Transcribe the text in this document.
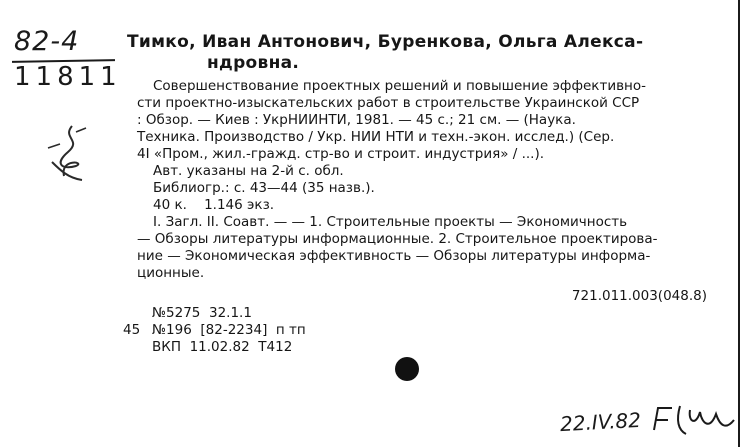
82-4
11811
Тимко, Иван Антонович, Буренкова, Ольга Алекса-
ндровна.
Совершенствование проектных решений и повышение эффективно-
сти проектно-изыскательских работ в строительстве Украинской ССР
: Обзор. — Киев : УкрНИИНТИ, 1981. — 45 с.; 21 см. — (Наука.
Техника. Производство / Укр. НИИ НТИ и техн.-экон. исслед.) (Сер.
4I «Пром., жил.-гражд. стр-во и строит. индустрия» / ...).
Авт. указаны на 2-й с. обл.
Библиогр.: с. 43—44 (35 назв.).
40 к.    1.146 экз.
I. Загл. II. Соавт. — — 1. Строительные проекты — Экономичность
— Обзоры литературы информационные. 2. Строительное проектирова-
ние — Экономическая эффективность — Обзоры литературы информа-
ционные.
721.011.003(048.8)
45
№5275  32.1.1
№196  [82-2234]  п тп
ВКП  11.02.82  Т412
22.IV.82
